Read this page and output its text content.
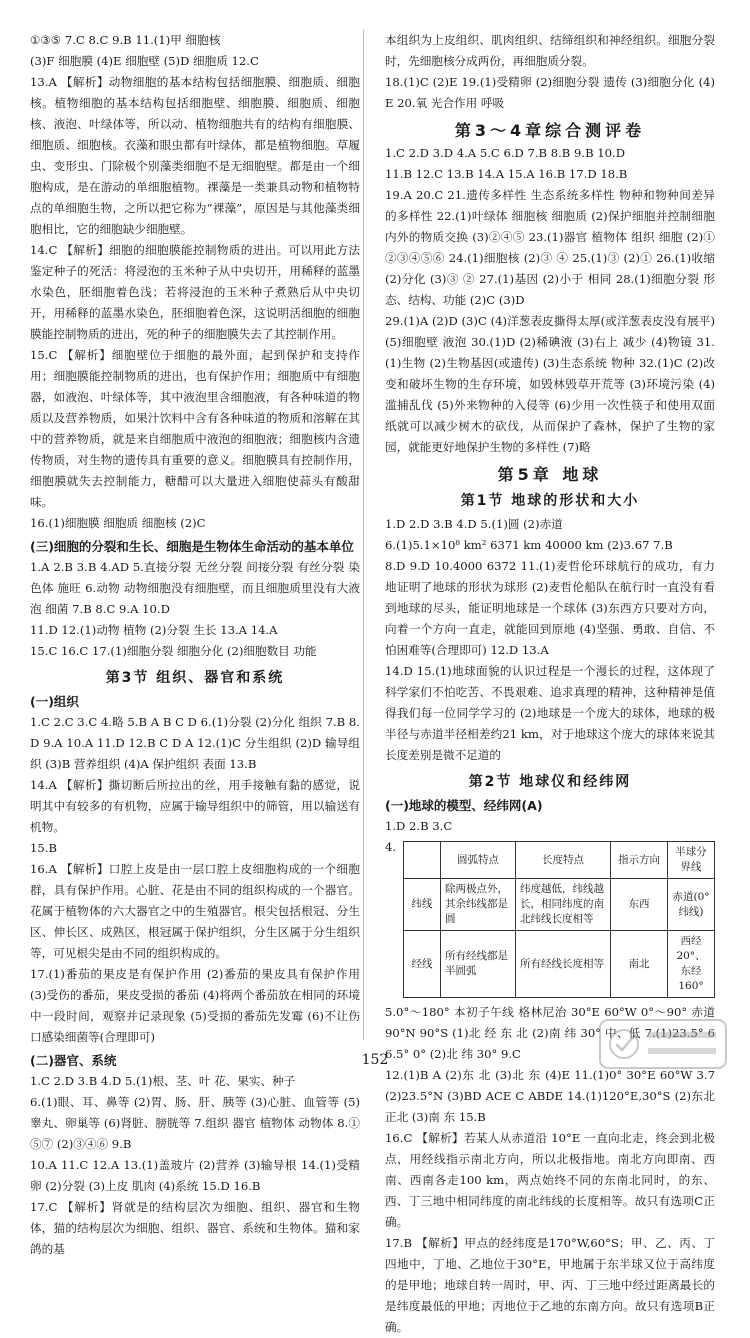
①③⑤ 7.C 8.C 9.B 11.(1)甲 细胞核
(3)F 细胞膜 (4)E 细胞壁 (5)D 细胞质 12.C
13.A 【解析】动物细胞的基本结构包括细胞膜、细胞质、细胞核。植物细胞的基本结构包括细胞壁、细胞膜、细胞质、细胞核、液泡、叶绿体等，所以动、植物细胞共有的结构有细胞膜、细胞质、细胞核。衣藻和眼虫都有叶绿体，都是植物细胞。草履虫、变形虫、门除极个别藻类细胞不是无细胞壁。都是由一个细胞构成，是在游动的单细胞植物。裸藻是一类兼具动物和植物特点的单细胞生物，之所以把它称为“裸藻”，原因是与其他藻类细胞相比，它的细胞缺少细胞壁。
14.C 【解析】细胞的细胞膜能控制物质的进出。可以用此方法鉴定种子的死活：将浸泡的玉米种子从中央切开，用稀释的蓝墨水染色，胚细胞着色浅；若将浸泡的玉米种子煮熟后从中央切开，用稀释的蓝墨水染色，胚细胞着色深，这说明活细胞的细胞膜能控制物质的进出，死的种子的细胞膜失去了其控制作用。
15.C 【解析】细胞壁位于细胞的最外面，起到保护和支持作用；细胞膜能控制物质的进出，也有保护作用；细胞质中有细胞器，如液泡、叶绿体等，其中液泡里含细胞液，有各种味道的物质以及营养物质，如果汁饮料中含有各种味道的物质和溶解在其中的营养物质，就是来自细胞质中液泡的细胞液；细胞核内含遗传物质，对生物的遗传具有重要的意义。细胞膜具有控制作用，细胞膜就失去控制能力，糖醋可以大量进入细胞使蒜头有酸甜味。
16.(1)细胞膜 细胞质 细胞核 (2)C
(三)细胞的分裂和生长、细胞是生物体生命活动的基本单位
1.A 2.B 3.B 4.AD 5.直接分裂 无丝分裂 间接分裂 有丝分裂 染色体 施旺 6.动物 动物细胞没有细胞壁，而且细胞质里没有大液泡 细菌 7.B 8.C 9.A 10.D
11.D 12.(1)动物 植物 (2)分裂 生长 13.A 14.A
15.C 16.C 17.(1)细胞分裂 细胞分化 (2)细胞数目 功能
第3节 组织、器官和系统
(一)组织
1.C 2.C 3.C 4.略 5.B A B C D 6.(1)分裂 (2)分化 组织 7.B 8.D 9.A 10.A 11.D 12.B C D A 12.(1)C 分生组织 (2)D 输导组织 (3)B 营养组织 (4)A 保护组织 表面 13.B
14.A 【解析】撕切断后所拉出的丝，用手接触有黏的感觉，说明其中有较多的有机物，应属于输导组织中的筛管，用以输送有机物。
15.B
16.A 【解析】口腔上皮是由一层口腔上皮细胞构成的一个细胞群，具有保护作用。心脏、花是由不同的组织构成的一个器官。花属于植物体的六大器官之中的生殖器官。根尖包括根冠、分生区、伸长区、成熟区，根冠属于保护组织，分生区属于分生组织等，可见根尖是由不同的组织构成的。
17.(1)番茄的果皮是有保护作用 (2)番茄的果皮具有保护作用 (3)受伤的番茄，果皮受损的番茄 (4)将两个番茄放在相同的环境中一段时间，观察并记录现象 (5)受损的番茄先发霉 (6)不让伤口感染细菌等(合理即可)
(二)器官、系统
1.C 2.D 3.B 4.D 5.(1)根、茎、叶 花、果实、种子
6.(1)眼、耳、鼻等 (2)胃、肠、肝、胰等 (3)心脏、血管等 (5)睾丸、卵巢等 (6)肾脏、膀胱等 7.组织 器官 植物体 动物体 8.①⑤⑦ (2)③④⑥ 9.B
10.A 11.C 12.A 13.(1)盖玻片 (2)营养 (3)输导根 14.(1)受精卵 (2)分裂 (3)上皮 肌肉 (4)系统 15.D 16.B
17.C 【解析】肾就是的结构层次为细胞、组织、器官和生物体，猫的结构层次为细胞、组织、器官、系统和生物体。猫和家鸽的基
本组织为上皮组织、肌肉组织、结缔组织和神经组织。细胞分裂时，先细胞核分成两份，再细胞质分裂。
18.(1)C (2)E 19.(1)受精卵 (2)细胞分裂 遗传 (3)细胞分化 (4)E 20.氧 光合作用 呼吸
第3～4章综合测评卷
1.C 2.D 3.D 4.A 5.C 6.D 7.B 8.B 9.B 10.D
11.B 12.C 13.B 14.A 15.A 16.B 17.D 18.B
19.A 20.C 21.遗传多样性 生态系统多样性 物种和物种间差异的多样性 22.(1)叶绿体 细胞核 细胞质 (2)保护细胞并控制细胞内外的物质交换 (3)②④⑤ 23.(1)器官 植物体 组织 细胞 (2)①②③④⑤⑥ 24.(1)细胞核 (2)③ ④ 25.(1)③ (2)① 26.(1)收缩 (2)分化 (3)③ ② 27.(1)基因 (2)小于 相同 28.(1)细胞分裂 形态、结构、功能 (2)C (3)D
29.(1)A (2)D (3)C (4)洋葱表皮撕得太厚(或洋葱表皮没有展平) (5)细胞壁 液泡 30.(1)D (2)稀碘液 (3)右上 减少 (4)物镜 31.(1)生物 (2)生物基因(或遗传) (3)生态系统 物种 32.(1)C (2)改变和破坏生物的生存环境，如毁林毁草开荒等 (3)环境污染 (4)滥捕乱伐 (5)外来物种的入侵等 (6)少用一次性筷子和使用双面纸就可以减少树木的砍伐，从而保护了森林，保护了生物的家园，就能更好地保护生物的多样性 (7)略
第5章 地球
第1节 地球的形状和大小
1.D 2.D 3.B 4.D 5.(1)圆 (2)赤道
6.(1)5.1×10⁸ km² 6371 km 40000 km (2)3.67 7.B
8.D 9.D 10.4000 6372 11.(1)麦哲伦环球航行的成功，有力地证明了地球的形状为球形 (2)麦哲伦船队在航行时一直没有看到地球的尽头，能证明地球是一个球体 (3)东西方只要对方向，向着一个方向一直走，就能回到原地 (4)坚强、勇敢、自信、不怕困难等(合理即可) 12.D 13.A
14.D 15.(1)地球面貌的认识过程是一个漫长的过程，这体现了科学家们不怕吃苦、不畏艰难、追求真理的精神，这种精神是值得我们每一位同学学习的 (2)地球是一个庞大的球体，地球的极半径与赤道半径相差约21 km，对于地球这个庞大的球体来说其长度差别是微不足道的
第2节 地球仪和经纬网
(一)地球的模型、经纬网(A)
1.D 2.B 3.C
4.
	圆弧特点	长度特点	指示方向	半球分界线
纬线	除两极点外，其余纬线都是圆	纬度越低，纬线越长，相同纬度的南北纬线长度相等	东西	赤道(0°纬线)
经线	所有经线都是半圆弧	所有经线长度相等	南北	西经20°、东经160°
5.0°～180° 本初子午线 格林尼治 30°E 60°W 0°～90° 赤道 90°N 90°S (1)北 经 东 北 (2)南 纬 30° 中、低 7.(1)23.5° 66.5° 0° (2)北 纬 30° 9.C
12.(1)B A (2)东 北 (3)北 东 (4)E 11.(1)0° 30°E 60°W 3.7 (2)23.5°N (3)BD ACE C ABDE 14.(1)120°E,30°S (2)东北 正北 (3)南 东 15.B
16.C 【解析】若某人从赤道沿 10°E 一直向北走，终会到北极点，用经线指示南北方向，所以北极指地。南北方向即南、西南、西南各走100 km，两点始终不同的东南北同时，的东、西、丁三地中相同纬度的南北纬线的长度相等。故只有选项C正确。
17.B 【解析】甲点的经纬度是170°W,60°S；甲、乙、丙、丁四地中，丁地、乙地位于30°E，甲地属于东半球又位于高纬度的是甲地；地球自转一周时，甲、丙、丁三地中经过距离最长的是纬度最低的甲地；丙地位于乙地的东南方向。故只有选项B正确。
152
